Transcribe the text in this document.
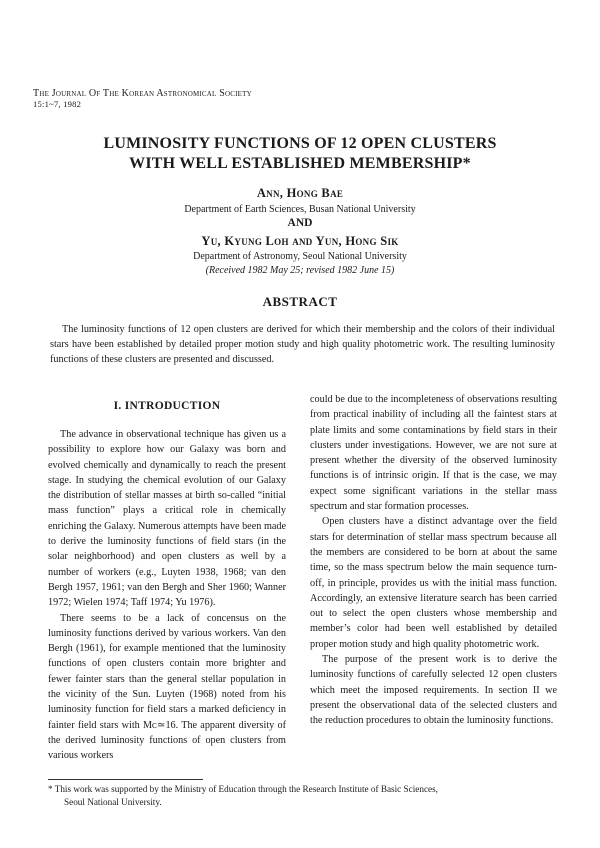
The Journal Of The Korean Astronomical Society
15:1~7, 1982
LUMINOSITY FUNCTIONS OF 12 OPEN CLUSTERS
WITH WELL ESTABLISHED MEMBERSHIP*
Ann, Hong Bae
Department of Earth Sciences, Busan National University
AND
Yu, Kyung Loh and Yun, Hong Sik
Department of Astronomy, Seoul National University
(Received 1982 May 25; revised 1982 June 15)
ABSTRACT
The luminosity functions of 12 open clusters are derived for which their membership and the colors of their individual stars have been established by detailed proper motion study and high quality photometric work. The resulting luminosity functions of these clusters are presented and discussed.
I. INTRODUCTION

The advance in observational technique has given us a possibility to explore how our Galaxy was born and evolved chemically and dynamically to reach the present stage. In studying the chemical evolution of our Galaxy the distribution of stellar masses at birth so-called “initial mass function” plays a critical role in chemically enriching the Galaxy. Numerous attempts have been made to derive the luminosity functions of field stars (in the solar neighborhood) and open clusters as well by a number of workers (e.g., Luyten 1938, 1968; van den Bergh 1957, 1961; van den Bergh and Sher 1960; Wanner 1972; Wielen 1974; Taff 1974; Yu 1976).

There seems to be a lack of concensus on the luminosity functions derived by various workers. Van den Bergh (1961), for example mentioned that the luminosity functions of open clusters contain more brighter and fewer fainter stars than the general stellar population in the vicinity of the Sun. Luyten (1968) noted from his luminosity function for field stars a marked deficiency in fainter field stars with Mᴄ≃16. The apparent diversity of the derived luminosity functions of open clusters from various workers

could be due to the incompleteness of observations resulting from practical inability of including all the faintest stars at plate limits and some contaminations by field stars in their clusters under investigations. However, we are not sure at present whether the diversity of the observed luminosity functions is of intrinsic origin. If that is the case, we may expect some significant variations in the stellar mass spectrum and star formation processes.

Open clusters have a distinct advantage over the field stars for determination of stellar mass spectrum because all the members are considered to be born at about the same time, so the mass spectrum below the main sequence turn-off, in principle, provides us with the initial mass function. Accordingly, an extensive literature search has been carried out to select the open clusters whose membership and member’s color had been well established by detailed proper motion study and high quality photometric work.

The purpose of the present work is to derive the luminosity functions of carefully selected 12 open clusters which meet the imposed requirements. In section II we present the observational data of the selected clusters and the reduction procedures to obtain the luminosity functions.

* This work was supported by the Ministry of Education through the Research Institute of Basic Sciences,
Seoul National University.
